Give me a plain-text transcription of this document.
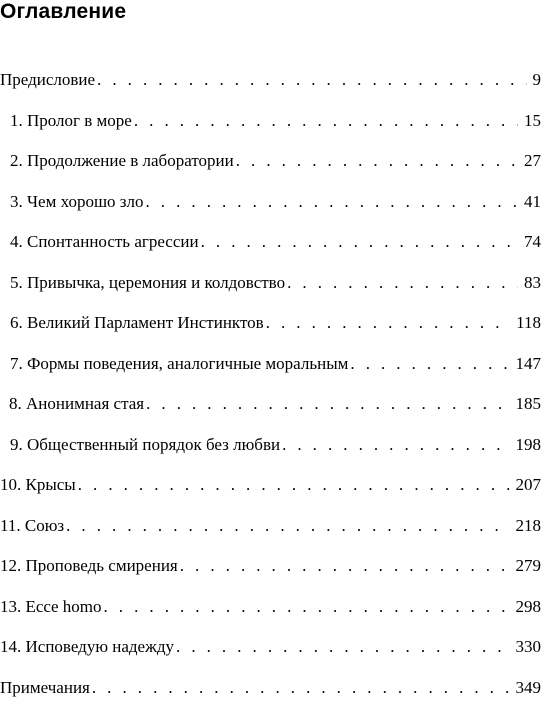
Оглавление
Предисловие . . .	9
1. Пролог в море . . .	15
2. Продолжение в лаборатории . . .	27
3. Чем хорошо зло . . .	41
4. Спонтанность агрессии . . .	74
5. Привычка, церемония и колдовство . . .	83
6. Великий Парламент Инстинктов . . .	118
7. Формы поведения, аналогичные моральным . . .	147
8. Анонимная стая . . .	185
9. Общественный порядок без любви . . .	198
10. Крысы . . .	207
11. Союз . . .	218
12. Проповедь смирения . . .	279
13. Ecce homo . . .	298
14. Исповедую надежду . . .	330
Примечания . . .	349
